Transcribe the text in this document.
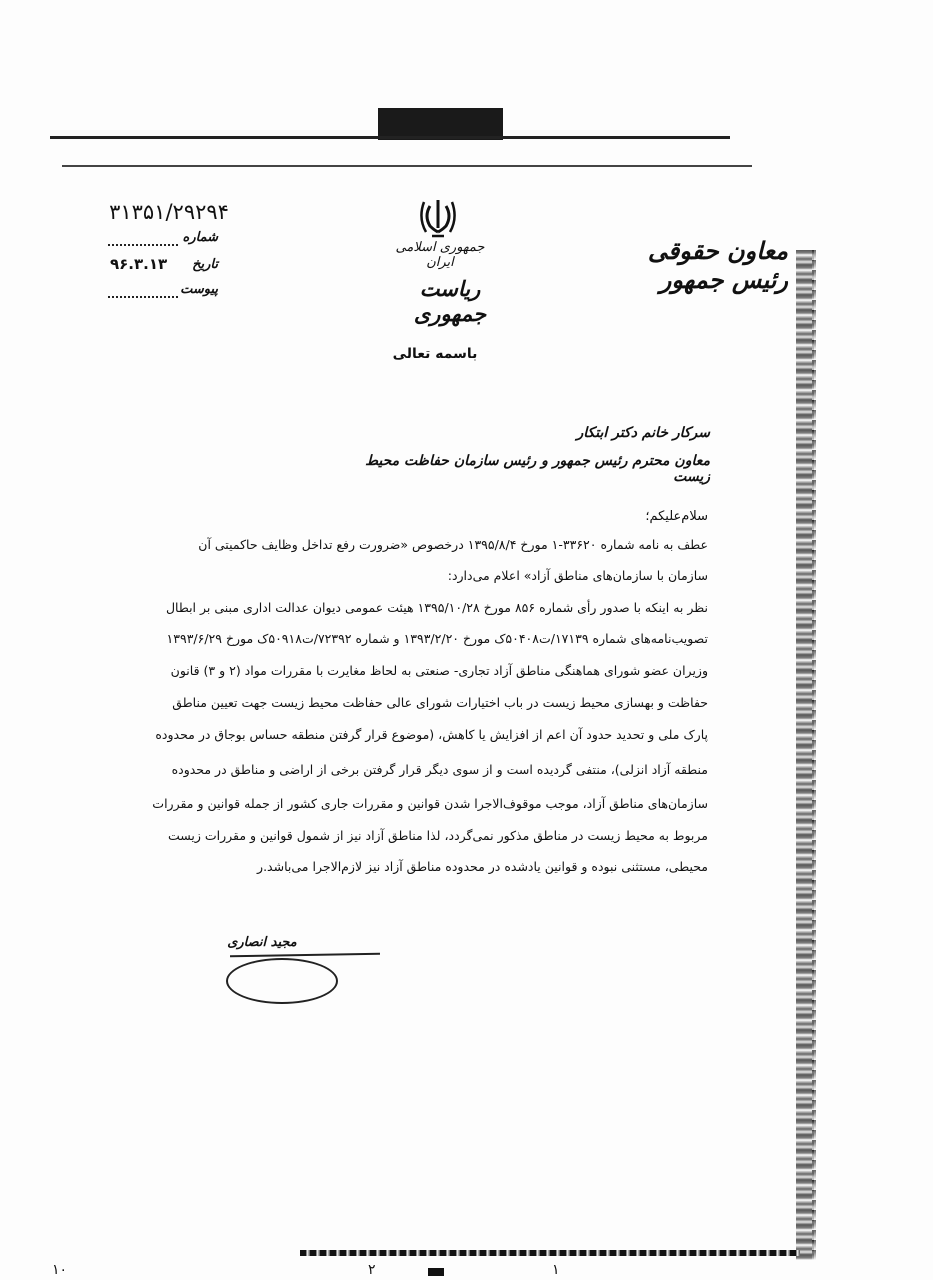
جمهوری اسلامی ایران
ریاست جمهوری
معاون حقوقی رئیس جمهور
۳۱۳۵۱/۲۹۲۹۴
شماره
تاریخ
۹۶.۳.۱۳
پیوست
باسمه تعالی
سرکار خانم دکتر ابتکار
معاون محترم رئیس جمهور و رئیس سازمان حفاظت محیط زیست
سلام‌علیکم؛
عطف به نامه شماره ۳۳۶۲۰-۱ مورخ ۱۳۹۵/۸/۴ درخصوص «ضرورت رفع تداخل وظایف حاکمیتی آن
سازمان با سازمان‌های مناطق آزاد» اعلام می‌دارد:
نظر به اینکه با صدور رأی شماره ۸۵۶ مورخ ۱۳۹۵/۱۰/۲۸ هیئت عمومی دیوان عدالت اداری مبنی بر ابطال
تصویب‌نامه‌های شماره ۱۷۱۳۹/ت۵۰۴۰۸ک مورخ ۱۳۹۳/۲/۲۰ و شماره ۷۲۳۹۲/ت۵۰۹۱۸ک مورخ ۱۳۹۳/۶/۲۹
وزیران عضو شورای هماهنگی مناطق آزاد تجاری- صنعتی به لحاظ مغایرت با مقررات مواد (۲ و ۳) قانون
حفاظت و بهسازی محیط زیست در باب اختیارات شورای عالی حفاظت محیط زیست جهت تعیین مناطق
پارک ملی و تحدید حدود آن اعم از افزایش یا کاهش، (موضوع قرار گرفتن منطقه حساس بوجاق در محدوده
منطقه آزاد انزلی)، منتفی گردیده است و از سوی دیگر قرار گرفتن برخی از اراضی و مناطق در محدوده
سازمان‌های مناطق آزاد، موجب موقوف‌الاجرا شدن قوانین و مقررات جاری کشور از جمله قوانین و مقررات
مربوط به محیط زیست در مناطق مذکور نمی‌گردد، لذا مناطق آزاد نیز از شمول قوانین و مقررات زیست
محیطی، مستثنی نبوده و قوانین یادشده در محدوده مناطق آزاد نیز لازم‌الاجرا می‌باشد.ر
مجید انصاری
۱۰	۲	۱
